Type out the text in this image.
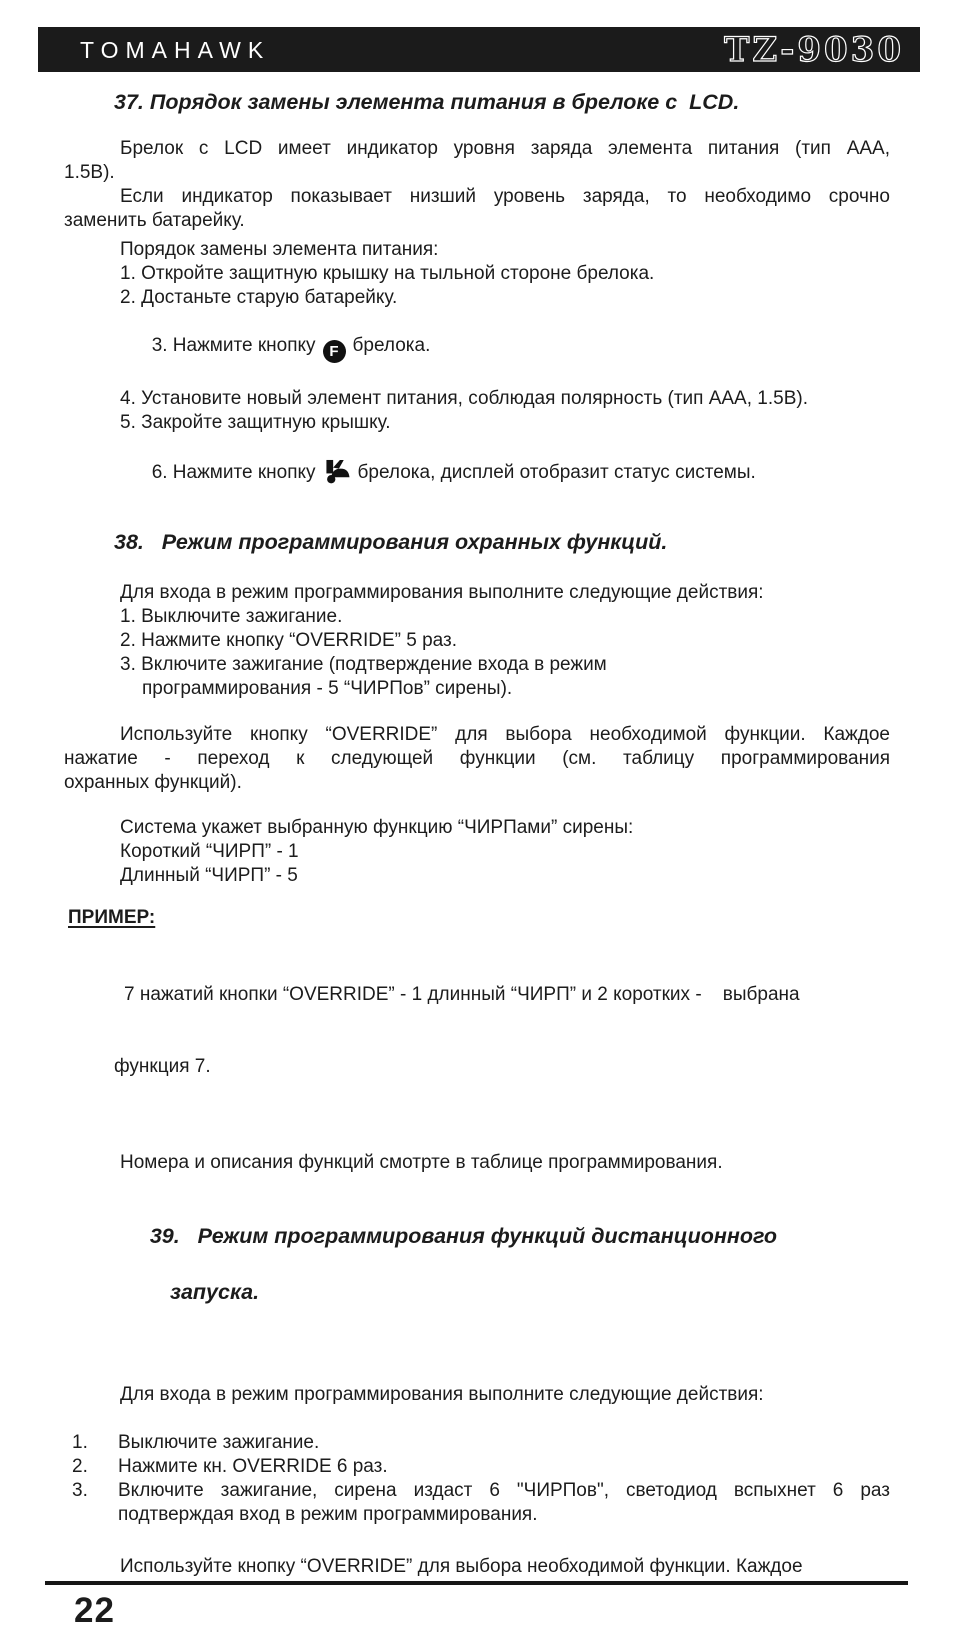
TOMAHAWK	TZ-9030
37. Порядок замены элемента питания в брелоке с  LCD.
Брелок с LCD имеет индикатор уровня заряда элемента питания (тип ААА,
1.5В).
Если индикатор показывает низший уровень заряда, то необходимо срочно
заменить батарейку.
Порядок замены элемента питания:
1. Откройте защитную крышку на тыльной стороне брелока.
2. Достаньте старую батарейку.

3. Нажмите кнопку F брелока.

4. Установите новый элемент питания, соблюдая полярность (тип ААА, 1.5В).
5. Закройте защитную крышку.

6. Нажмите кнопку брелока, дисплей отобразит статус системы.

38.   Режим программирования охранных функций.
Для входа в режим программирования выполните следующие действия:
1. Выключите зажигание.
2. Нажмите кнопку “OVERRIDE” 5 раз.
3. Включите зажигание (подтверждение входа в режим
программирования - 5 “ЧИРПов” сирены).
Используйте кнопку “OVERRIDE” для выбора необходимой функции. Каждое
нажатие - переход к следующей функции (см. таблицу программирования
охранных функций).
Система укажет выбранную функцию “ЧИРПами” сирены:
Короткий “ЧИРП” - 1
Длинный “ЧИРП” - 5
ПРИМЕР:

7 нажатий кнопки “OVERRIDE” - 1 длинный “ЧИРП” и 2 коротких -    выбрана

функция 7.

Номера и описания функций смотрте в таблице программирования.

39.   Режим программирования функций дистанционного

запуска.

Для входа в режим программирования выполните следующие действия:
1.	Выключите зажигание.
2.	Нажмите кн. OVERRIDE 6 раз.
3.	Включите зажигание, сирена издаст 6 "ЧИРПов", светодиод вспыхнет 6 раз
подтверждая вход в режим программирования.
Используйте кнопку “OVERRIDE” для выбора необходимой функции. Каждое
22
